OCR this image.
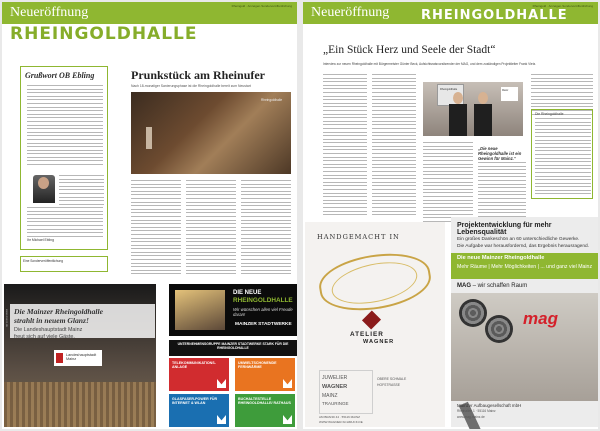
Neueröffnung	Rheingold · Anzeigen-Sonderveröffentlichung
RHEINGOLDHALLE
Grußwort OB Ebling
Ihr Michael Ebling
Prunkstück am Rheinufer
Nach 18-monatiger Sanierungsphase ist die Rheingoldhalle bereit zum Neustart
Rheingoldhalle
Eine Sonderveröffentlichung
www.mainz.de Die Mainzer Rheingoldhalle
strahlt in neuem Glanz!
Die Landeshauptstadt Mainz
freut sich auf viele Gäste.
Landeshauptstadt Mainz
DIE NEUE
RHEINGOLDHALLE
Wir wünschen allen viel Freude daran!
MAINZER STADTWERKE
UNTERNEHMENSGRUPPE MAINZER STADTWERKE STARK FÜR DIE RHEINGOLDHALLE
TELEKOMMUNIKATIONS-ANLAGE
UMWELTSCHONENDE FERNWÄRME
GLASFASER-POWER FÜR INTERNET & WLAN
BUCHALTESTELLE RHEINGOLDHALLE/ RATHAUS
Neueröffnung	Rheingold · Anzeigen-Sonderveröffentlichung
RHEINGOLDHALLE
„Ein Stück Herz und Seele der Stadt“
Interview zur neuen Rheingoldhalle mit Bürgermeister Günter Beck, Aufsichtsratsvorsitzender der MAG, und dem zuständigen Projektleiter Frank Vietz.
Rheingoldhalle	Mainz
„Die neue Rheingoldhalle ist ein Gewinn für Mainz.“
Die Rheingoldhalle
HANDGEMACHT IN
ATELIER
WAGNER
JUWELIER
WAGNER
MAINZ
TRAURINGE
OBERE SCHMALE
HOFSTRASSE
AM BRAND 44 · 55116 MAINZ
WWW.WAGNER-SCHMUCK.DE
Projektentwicklung für mehr Lebensqualität
Ein großes Dankeschön an 60 unterschiedliche Gewerke.
Die Aufgabe war herausfordernd, das Ergebnis herausragend.
Die neue Mainzer Rheingoldhalle
Mehr Räume | Mehr Möglichkeiten | ... und ganz viel Mainz
MAG – wir schaffen Raum
mag
Mainzer Aufbaugesellschaft mbH
Rheinallee 1 · 55116 Mainz
www.mag-mainz.de
